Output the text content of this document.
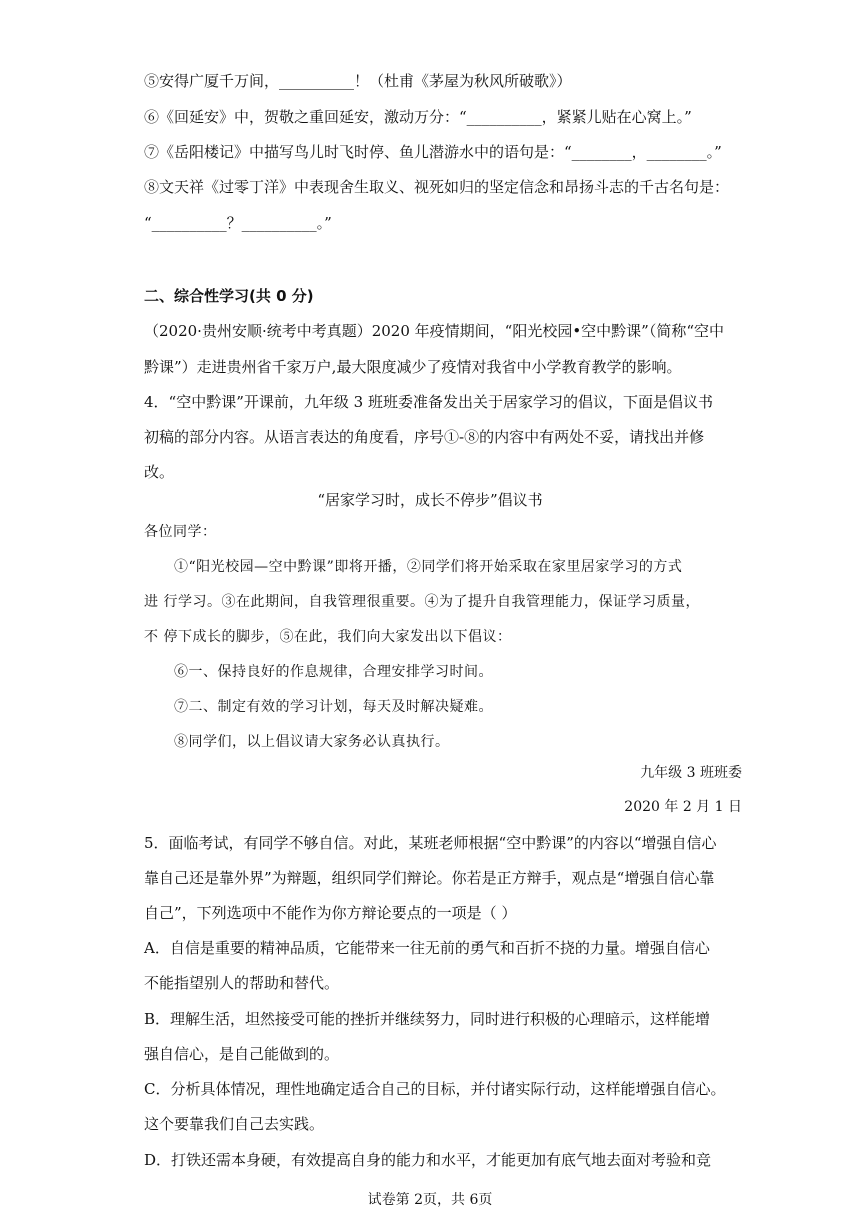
⑤安得广厦千万间，__________！（杜甫《茅屋为秋风所破歌》）
⑥《回延安》中，贺敬之重回延安，激动万分：“__________，紧紧儿贴在心窝上。”
⑦《岳阳楼记》中描写鸟儿时飞时停、鱼儿潜游水中的语句是：“________，________。”
⑧文天祥《过零丁洋》中表现舍生取义、视死如归的坚定信念和昂扬斗志的千古名句是：
“__________？__________。”
二、综合性学习(共 0 分)
（2020·贵州安顺·统考中考真题）2020 年疫情期间，“阳光校园•空中黔课”（简称“空中
黔课”）走进贵州省千家万户,最大限度减少了疫情对我省中小学教育教学的影响。
4．“空中黔课”开课前，九年级 3 班班委准备发出关于居家学习的倡议，下面是倡议书
初稿的部分内容。从语言表达的角度看，序号①-⑧的内容中有两处不妥，请找出并修
改。
“居家学习时，成长不停步”倡议书
各位同学：
①“阳光校园—空中黔课”即将开播，②同学们将开始采取在家里居家学习的方式
进 行学习。③在此期间，自我管理很重要。④为了提升自我管理能力，保证学习质量，
不 停下成长的脚步，⑤在此，我们向大家发出以下倡议：
⑥一、保持良好的作息规律，合理安排学习时间。
⑦二、制定有效的学习计划，每天及时解决疑难。
⑧同学们，以上倡议请大家务必认真执行。
九年级 3 班班委
2020 年 2 月 1 日
5．面临考试，有同学不够自信。对此，某班老师根据“空中黔课”的内容以“增强自信心
靠自己还是靠外界”为辩题，组织同学们辩论。你若是正方辩手，观点是“增强自信心靠
自己”，下列选项中不能作为你方辩论要点的一项是（ ）
A．自信是重要的精神品质，它能带来一往无前的勇气和百折不挠的力量。增强自信心
不能指望别人的帮助和替代。
B．理解生活，坦然接受可能的挫折并继续努力，同时进行积极的心理暗示，这样能增
强自信心，是自己能做到的。
C．分析具体情况，理性地确定适合自己的目标，并付诸实际行动，这样能增强自信心。
这个要靠我们自己去实践。
D．打铁还需本身硬，有效提高自身的能力和水平，才能更加有底气地去面对考验和竞
试卷第 2页，共 6页
